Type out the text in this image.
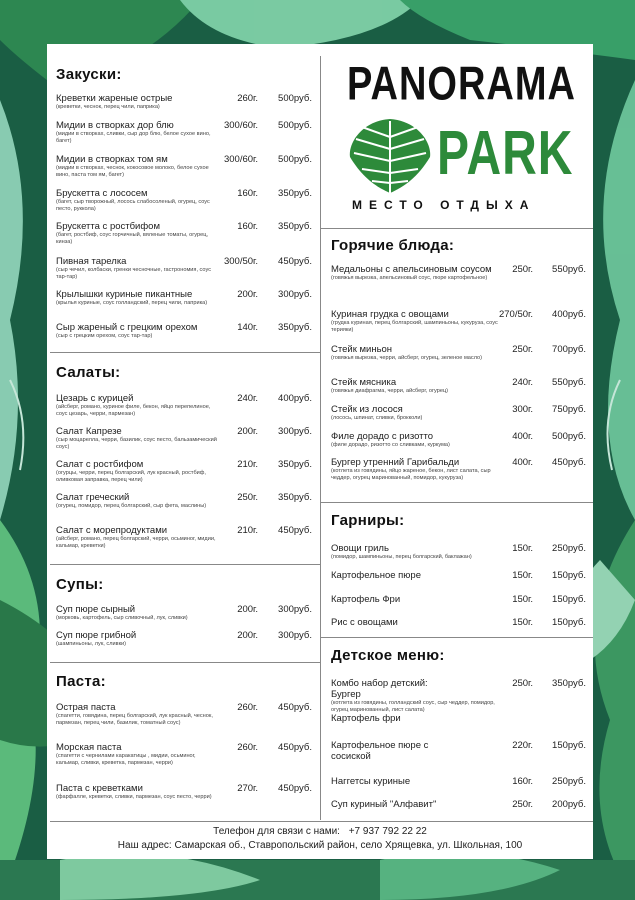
PANORAMA
PARK
МЕСТО ОТДЫХА
Закуски:
Креветки жареные острые
(креветки, чеснок, перец чили, паприка)
260г. 500руб.
Мидии в створках дор блю
(мидии в створках, сливки, сыр дор блю, белое сухое вино, багет)
300/60г. 500руб.
Мидии в створках том ям
(мидии в створках, чеснок, кокосовое молоко, белое сухое вино, паста том ям, багет)
300/60г. 500руб.
Брускетта с лососем
(багет, сыр творожный, лосось слабосоленый, огурец, соус песто, руккола)
160г. 350руб.
Брускетта с ростбифом
(багет, ростбиф, соус горчичный, вяленые томаты, огурец, кинза)
160г. 350руб.
Пивная тарелка
(сыр чечил, колбаски, гренки чесночные, гастрономия, соус тар-тар)
300/50г. 450руб.
Крылышки куриные пикантные
(крылья куриные, соус голландский, перец чили, паприка)
200г. 300руб.
Сыр жареный с грецким орехом
(сыр с грецким орехом, соус тар-тар)
140г. 350руб.
Салаты:
Цезарь с курицей
(айсберг, романо, куриное филе, бекон, яйцо перепелиное, соус цезарь, черри, пармезан)
240г. 400руб.
Салат Капрезе
(сыр моцарелла, черри, базилик, соус песто, бальзамический соус)
200г. 300руб.
Салат с ростбифом
(огурцы, черри, перец болгарский, лук красный, ростбиф, оливковая заправка, перец чили)
210г. 350руб.
Салат греческий
(огурец, помидор, перец болгарский, сыр фета, маслины)
250г. 350руб.
Салат с морепродуктами
(айсберг, романо, перец болгарский, черри, осьминог, мидии, кальмар, креветки)
210г. 450руб.
Супы:
Суп пюре сырный
(морковь, картофель, сыр сливочный, лук, сливки)
200г. 300руб.
Суп пюре грибной
(шампиньоны, лук, сливки)
200г. 300руб.
Паста:
Острая паста
(спагетти, говядина, перец болгарский, лук красный, чеснок, пармезан, перец чили, базилик, томатный соус)
260г. 450руб.
Морская паста
(спагетти с чернилами каракатицы , мидии, осьминог, кальмар, сливки, креветка, пармезан, черри)
260г. 450руб.
Паста с креветками
(фарфалле, креветки, сливки, пармезан, соус песто, черри)
270г. 450руб.
Горячие блюда:
Медальоны с апельсиновым соусом
(говяжья вырезка, апельсиновый соус, пюре картофельное)
250г. 550руб.
Куриная грудка с овощами
(грудка куриная, перец болгарский, шампиньоны, кукуруза, соус терияки)
270/50г. 400руб.
Стейк миньон
(говяжья вырезка, черри, айсберг, огурец, зеленое масло)
250г. 700руб.
Стейк мясника
(говяжья диафрагма, черри, айсберг, огурец)
240г. 550руб.
Стейк из лосося
(лосось, шпинат, сливки, брокколи)
300г. 750руб.
Филе дорадо с ризотто
(филе дорадо, ризотто со сливками, куркума)
400г. 500руб.
Бургер утренний Гарибальди
(котлета из говядины, яйцо жареное, бекон, лист салата, сыр чеддер, огурец маринованный, помидор, кукуруза)
400г. 450руб.
Гарниры:
Овощи гриль
(помидор, шампиньоны, перец болгарский, баклажан)
150г. 250руб.
Картофельное пюре	150г. 150руб.
Картофель Фри	150г. 150руб.
Рис с овощами	150г. 150руб.
Детское меню:
Комбо набор детский: Бургер
(котлета из говядины, голландский соус, сыр чеддер, помидор, огурец маринованный, лист салата)
Картофель фри
250г. 350руб.
Картофельное пюре с сосиской
220г. 150руб.
Наггетсы куриные	160г. 250руб.
Суп куриный "Алфавит"	250г. 200руб.
Телефон для связи с нами: +7 937 792 22 22
Наш адрес: Самарская об., Ставропольский район, село Хрящевка, ул. Школьная, 100
